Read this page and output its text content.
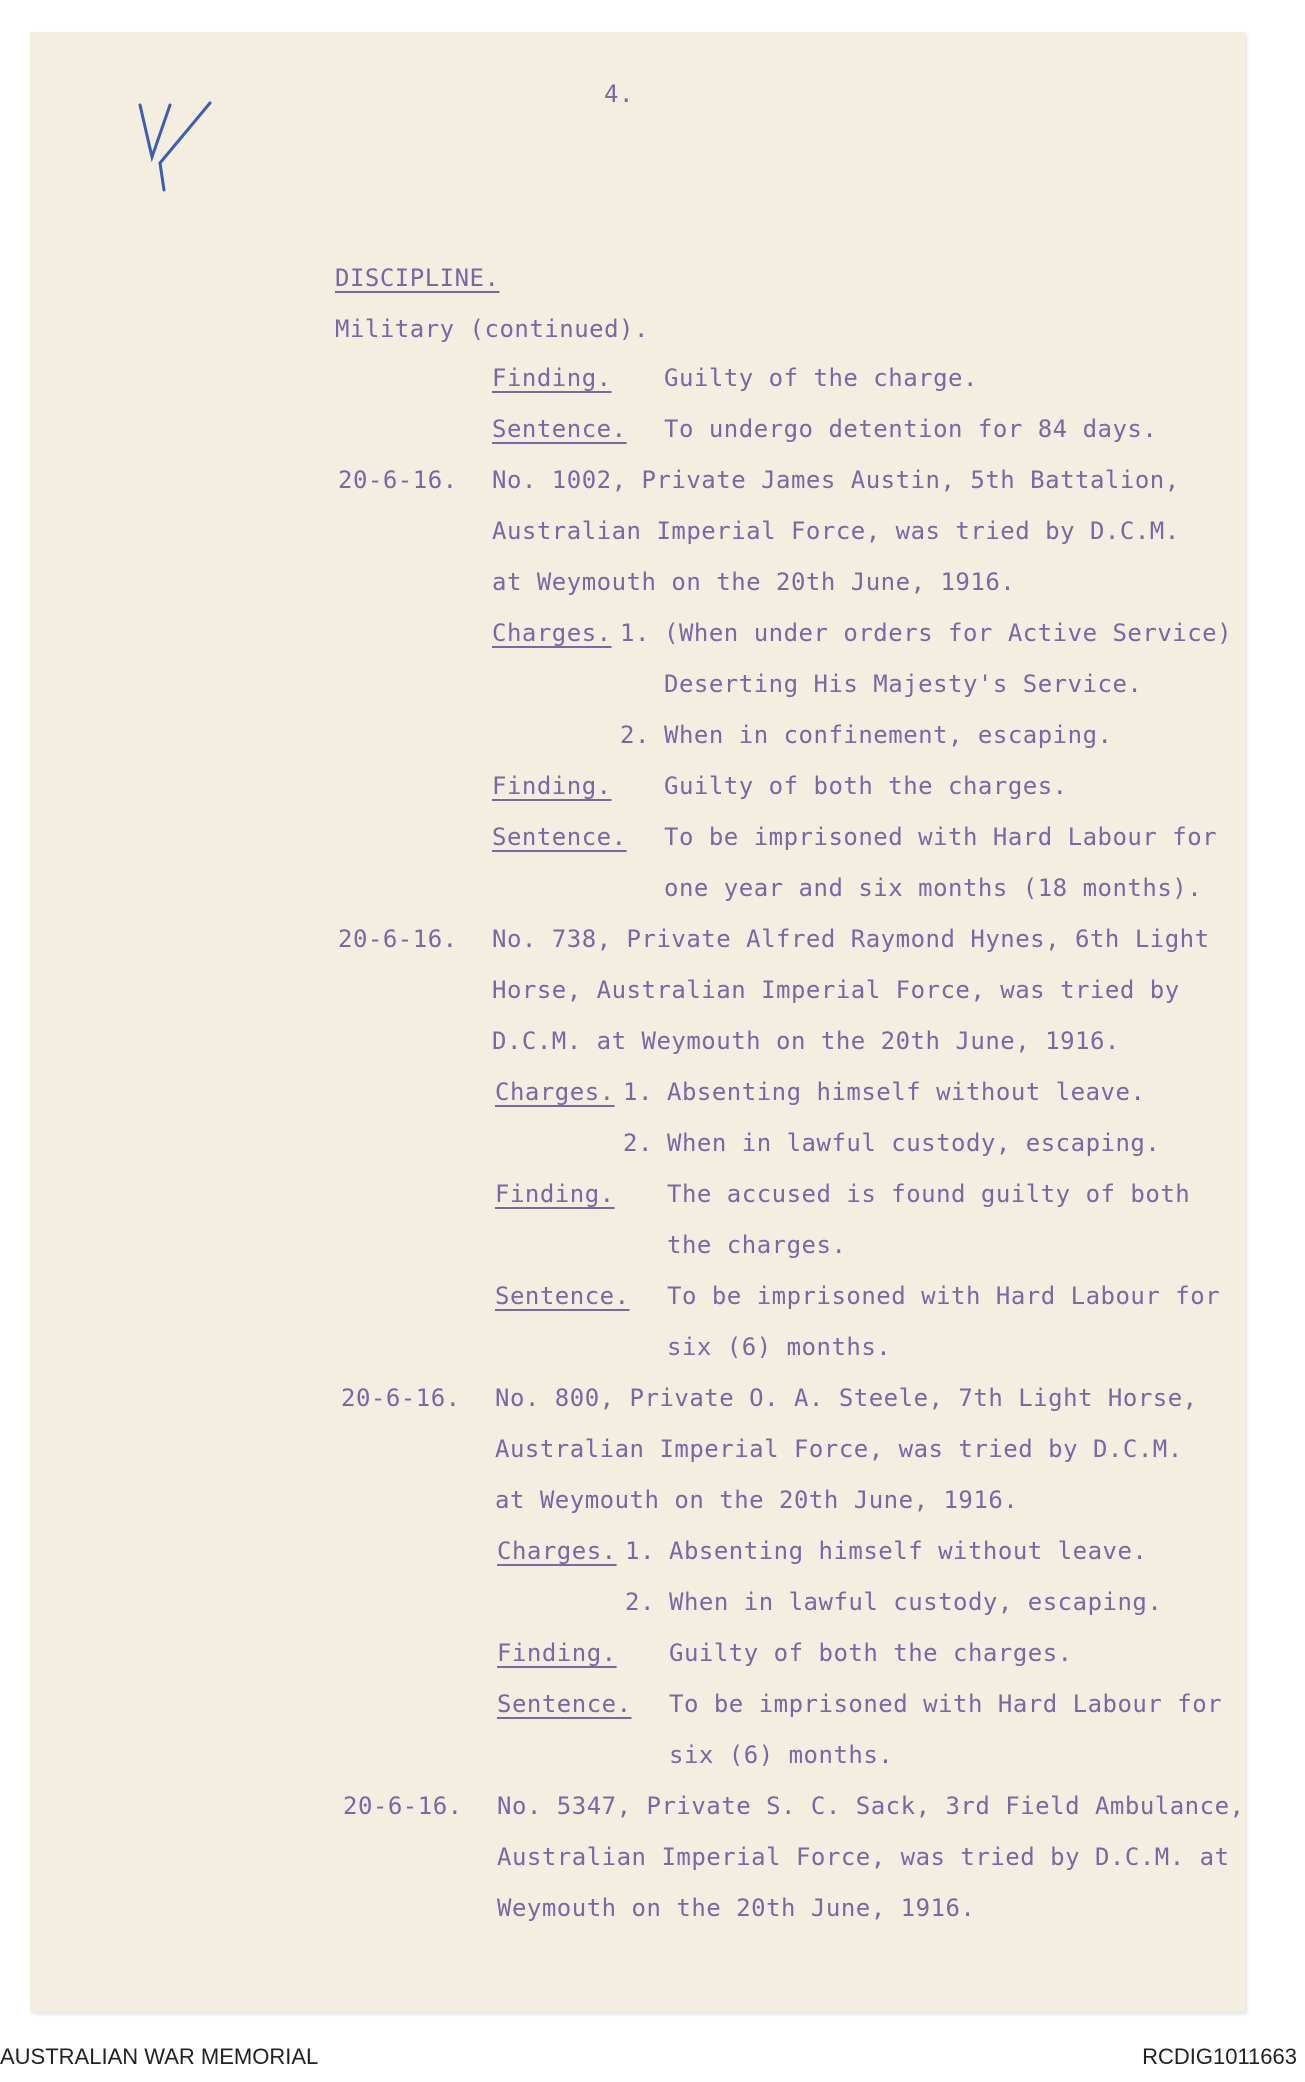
4.
DISCIPLINE.
Military (continued).
Finding. Guilty of the charge.
Sentence. To undergo detention for 84 days.
20-6-16. No. 1002, Private James Austin, 5th Battalion,
Australian Imperial Force, was tried by D.C.M.
at Weymouth on the 20th June, 1916.
Charges. 1. (When under orders for Active Service)
Deserting His Majesty's Service.
2. When in confinement, escaping.
Finding. Guilty of both the charges.
Sentence. To be imprisoned with Hard Labour for
one year and six months (18 months).
20-6-16. No. 738, Private Alfred Raymond Hynes, 6th Light
Horse, Australian Imperial Force, was tried by
D.C.M. at Weymouth on the 20th June, 1916.
Charges. 1. Absenting himself without leave.
2. When in lawful custody, escaping.
Finding. The accused is found guilty of both
the charges.
Sentence. To be imprisoned with Hard Labour for
six (6) months.
20-6-16. No. 800, Private O. A. Steele, 7th Light Horse,
Australian Imperial Force, was tried by D.C.M.
at Weymouth on the 20th June, 1916.
Charges. 1. Absenting himself without leave.
2. When in lawful custody, escaping.
Finding. Guilty of both the charges.
Sentence. To be imprisoned with Hard Labour for
six (6) months.
20-6-16. No. 5347, Private S. C. Sack, 3rd Field Ambulance,
Australian Imperial Force, was tried by D.C.M. at
Weymouth on the 20th June, 1916.
AUSTRALIAN WAR MEMORIAL	RCDIG1011663
